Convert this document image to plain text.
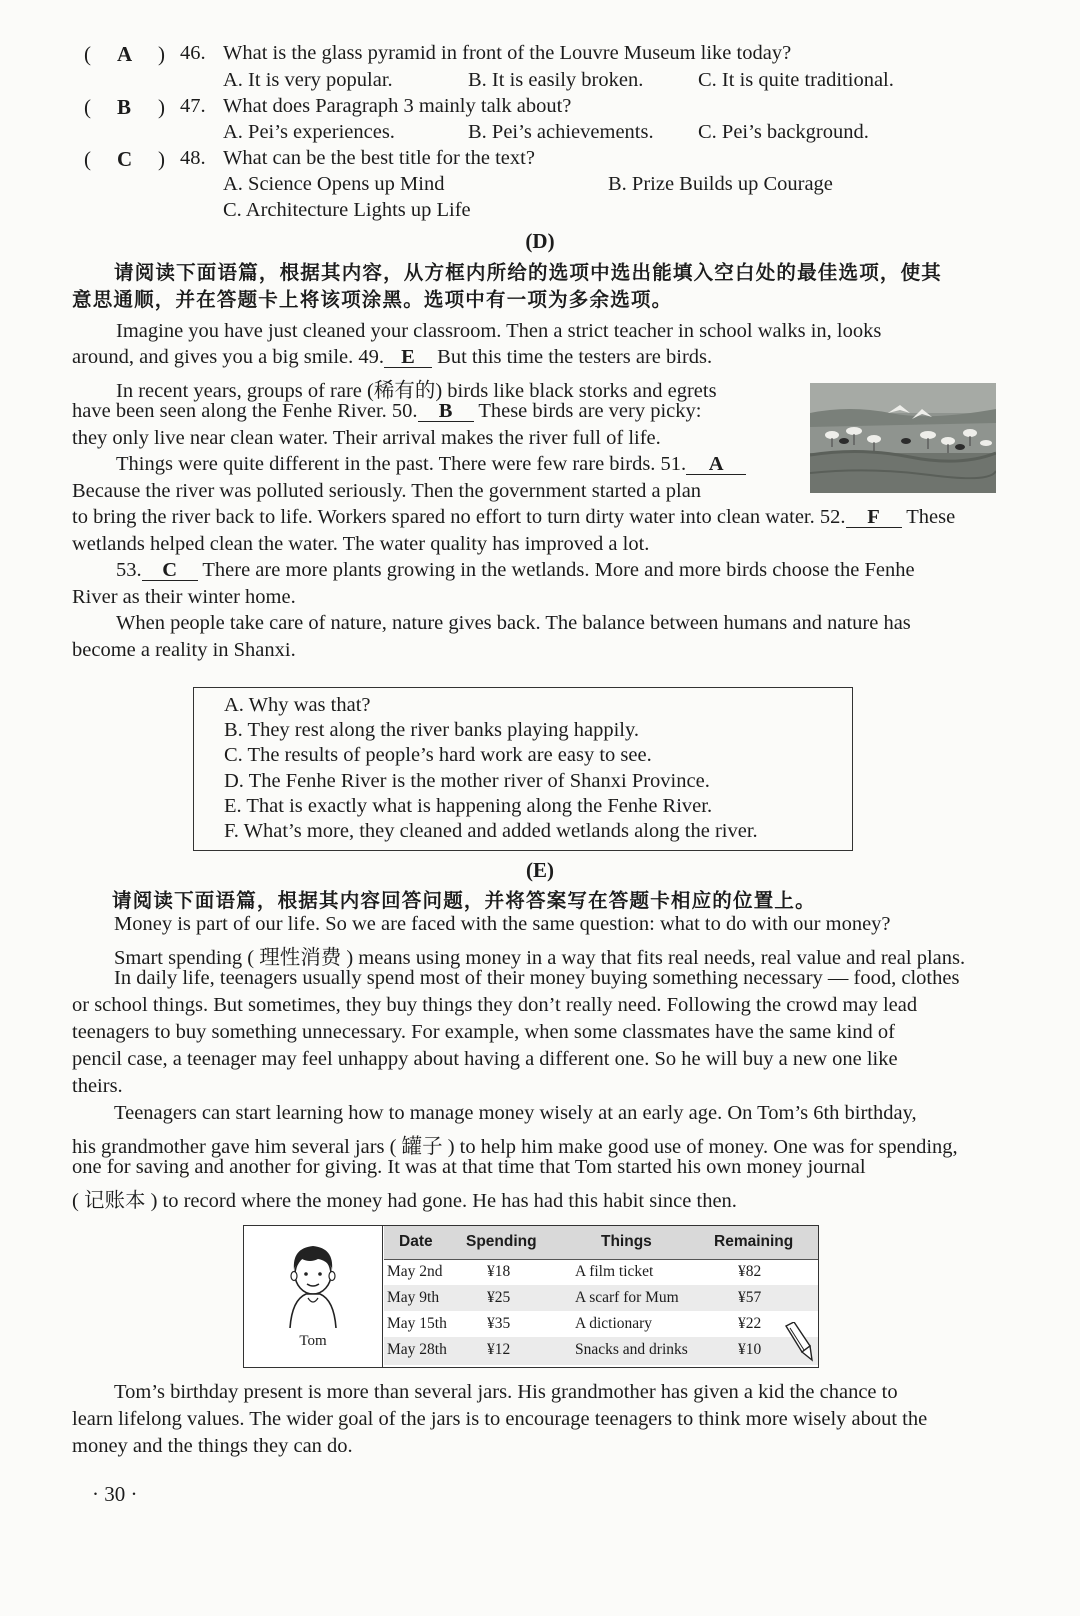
( A ) 46. What is the glass pyramid in front of the Louvre Museum like today?
A. It is very popular.	B. It is easily broken.	C. It is quite traditional.
( B ) 47. What does Paragraph 3 mainly talk about?
A. Pei’s experiences.	B. Pei’s achievements. C. Pei’s background.
( C ) 48. What can be the best title for the text?
A. Science Opens up Mind	B. Prize Builds up Courage
C. Architecture Lights up Life
(D)
请阅读下面语篇，根据其内容，从方框内所给的选项中选出能填入空白处的最佳选项，使其
意思通顺，并在答题卡上将该项涂黑。选项中有一项为多余选项。
Imagine you have just cleaned your classroom. Then a strict teacher in school walks in, looks
around, and gives you a big smile. 49. E But this time the testers are birds.
In recent years, groups of rare (稀有的) birds like black storks and egrets
have been seen along the Fenhe River. 50. B These birds are very picky:
they only live near clean water. Their arrival makes the river full of life.
Things were quite different in the past. There were few rare birds. 51. A
Because the river was polluted seriously. Then the government started a plan
to bring the river back to life. Workers spared no effort to turn dirty water into clean water. 52. F These
wetlands helped clean the water. The water quality has improved a lot.
53. C There are more plants growing in the wetlands. More and more birds choose the Fenhe
River as their winter home.
When people take care of nature, nature gives back. The balance between humans and nature has
become a reality in Shanxi.
A. Why was that?
B. They rest along the river banks playing happily.
C. The results of people’s hard work are easy to see.
D. The Fenhe River is the mother river of Shanxi Province.
E. That is exactly what is happening along the Fenhe River.
F. What’s more, they cleaned and added wetlands along the river.
(E)
请阅读下面语篇，根据其内容回答问题，并将答案写在答题卡相应的位置上。
Money is part of our life. So we are faced with the same question: what to do with our money?
Smart spending ( 理性消费 ) means using money in a way that fits real needs, real value and real plans.
In daily life, teenagers usually spend most of their money buying something necessary — food, clothes
or school things. But sometimes, they buy things they don’t really need. Following the crowd may lead
teenagers to buy something unnecessary. For example, when some classmates have the same kind of
pencil case, a teenager may feel unhappy about having a different one. So he will buy a new one like
theirs.
Teenagers can start learning how to manage money wisely at an early age. On Tom’s 6th birthday,
his grandmother gave him several jars ( 罐子 ) to help him make good use of money. One was for spending,
one for saving and another for giving. It was at that time that Tom started his own money journal
( 记账本 ) to record where the money had gone. He has had this habit since then.
Tom
Date Spending	Things	Remaining
May 2nd	¥18	A film ticket	¥82
May 9th	¥25	A scarf for Mum	¥57
May 15th	¥35	A dictionary	¥22
May 28th	¥12	Snacks and drinks	¥10
Tom’s birthday present is more than several jars. His grandmother has given a kid the chance to
learn lifelong values. The wider goal of the jars is to encourage teenagers to think more wisely about the
money and the things they can do.
· 30 ·
